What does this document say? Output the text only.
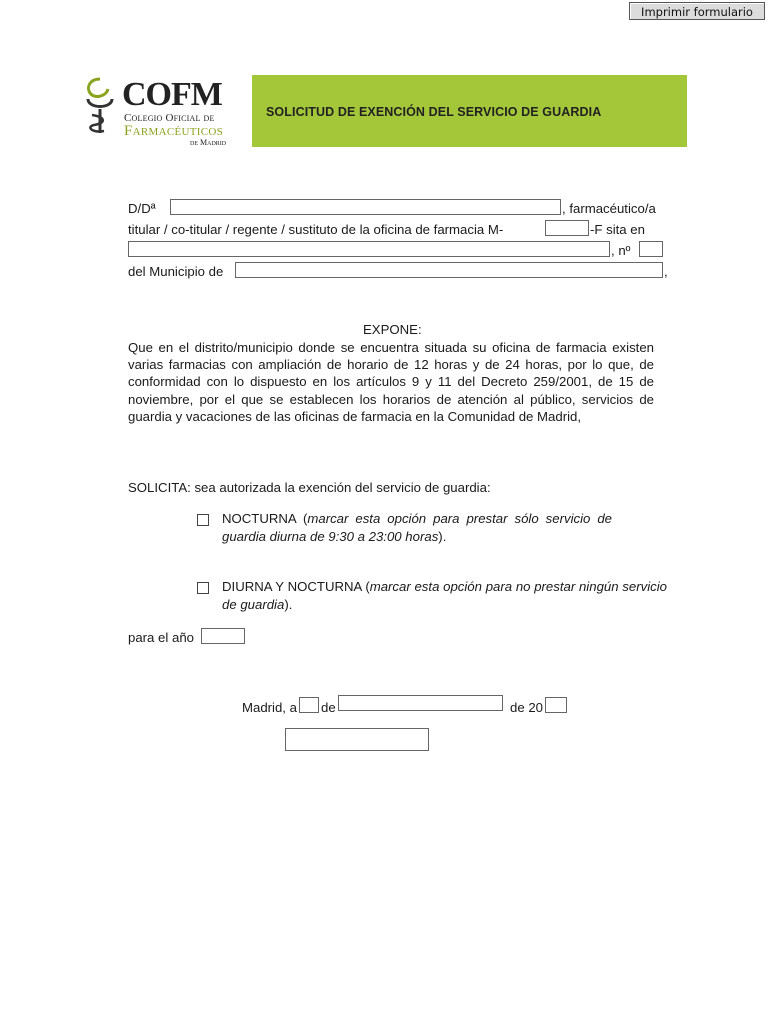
Imprimir formulario
COFM
Colegio Oficial de
Farmacéuticos
de Madrid
SOLICITUD DE EXENCIÓN DEL SERVICIO DE GUARDIA
D/Dª	, farmacéutico/a
titular / co-titular / regente / sustituto de la oficina de farmacia M-	-F sita en
, nº
del Municipio de	,
EXPONE:
Que en el distrito/municipio donde se encuentra situada su oficina de farmacia existen varias farmacias con ampliación de horario de 12 horas y de 24 horas, por lo que, de conformidad con lo dispuesto en los artículos 9 y 11 del Decreto 259/2001, de 15 de noviembre, por el que se establecen los horarios de atención al público, servicios de guardia y vacaciones de las oficinas de farmacia en la Comunidad de Madrid,
SOLICITA: sea autorizada la exención del servicio de guardia:
NOCTURNA (marcar esta opción para prestar sólo servicio de guardia diurna de 9:30 a 23:00 horas).
DIURNA Y NOCTURNA (marcar esta opción para no prestar ningún servicio de guardia).
para el año
Madrid, a de	de 20
